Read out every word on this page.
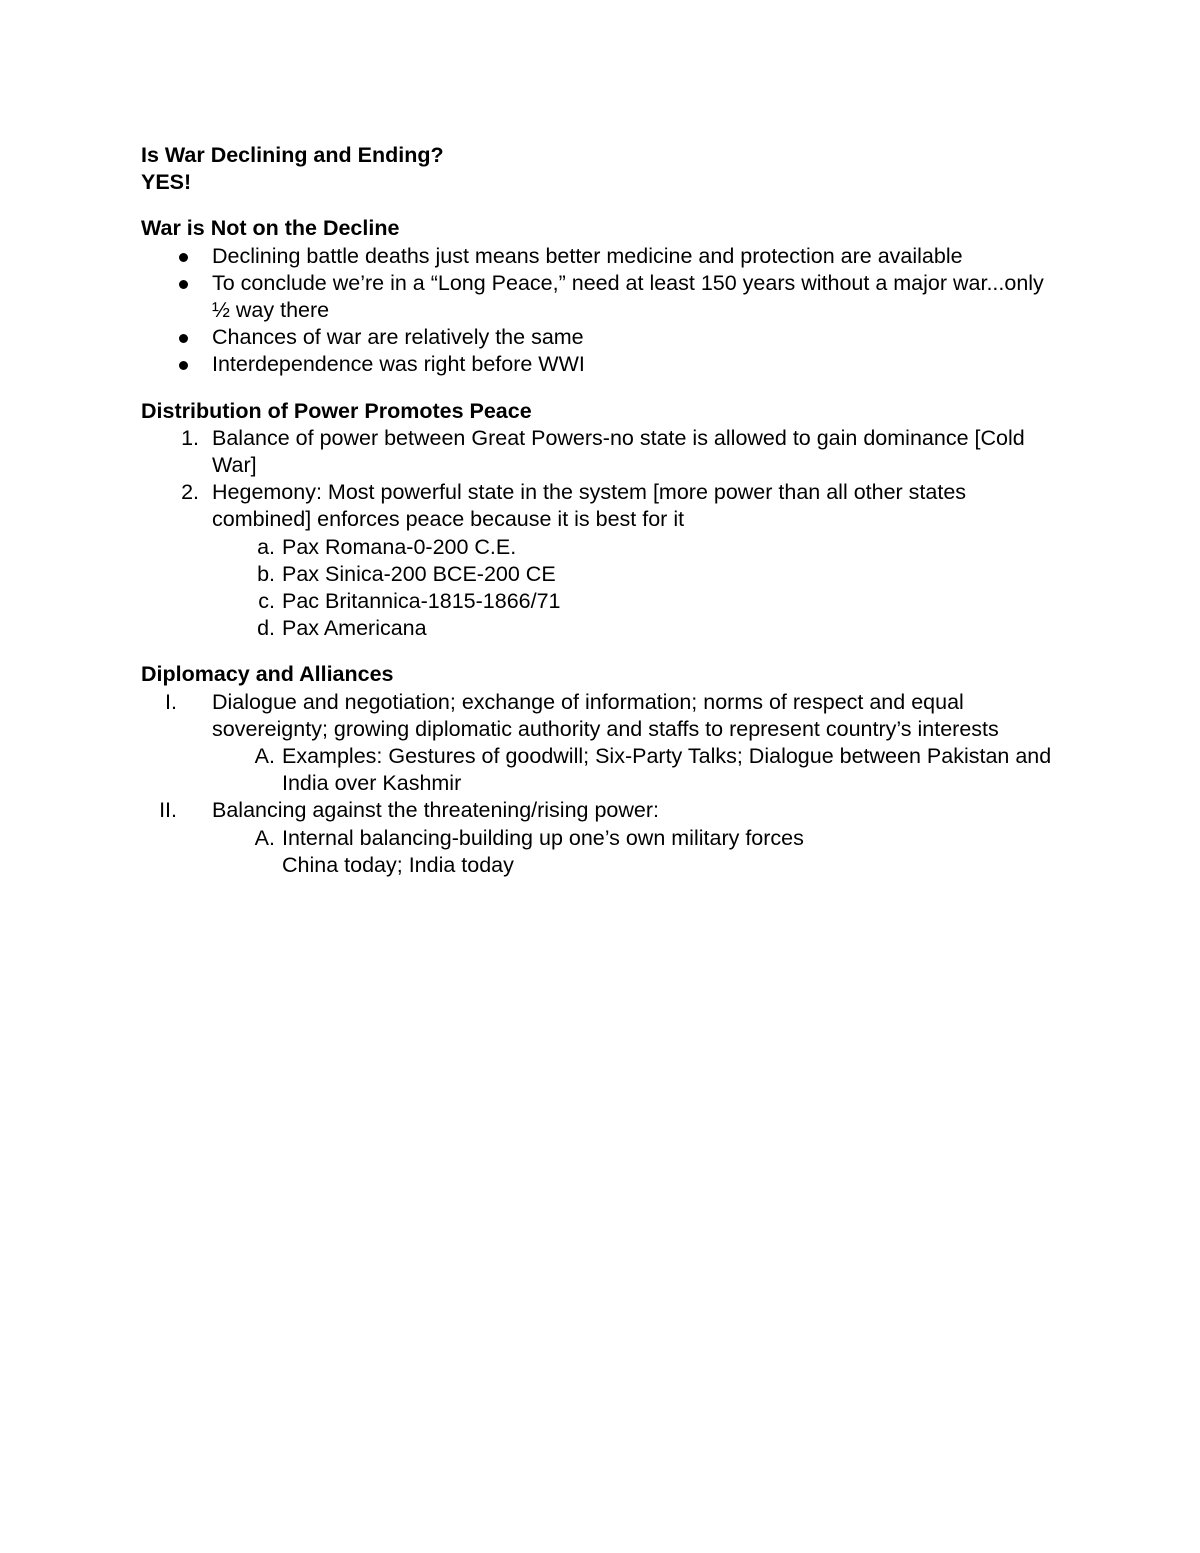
Is War Declining and Ending?

YES!

War is Not on the Decline

Declining battle deaths just means better medicine and protection are available
To conclude we’re in a “Long Peace,” need at least 150 years without a major war...only ½ way there
Chances of war are relatively the same
Interdependence was right before WWI

Distribution of Power Promotes Peace

1. Balance of power between Great Powers-no state is allowed to gain dominance [Cold War]
2. Hegemony: Most powerful state in the system [more power than all other states combined] enforces peace because it is best for it
a. Pax Romana-0-200 C.E.
b. Pax Sinica-200 BCE-200 CE
c. Pac Britannica-1815-1866/71
d. Pax Americana

Diplomacy and Alliances

I. Dialogue and negotiation; exchange of information; norms of respect and equal sovereignty; growing diplomatic authority and staffs to represent country’s interests
A. Examples: Gestures of goodwill; Six-Party Talks; Dialogue between Pakistan and India over Kashmir
II. Balancing against the threatening/rising power:
A. Internal balancing-building up one’s own military forces

China today; India today
